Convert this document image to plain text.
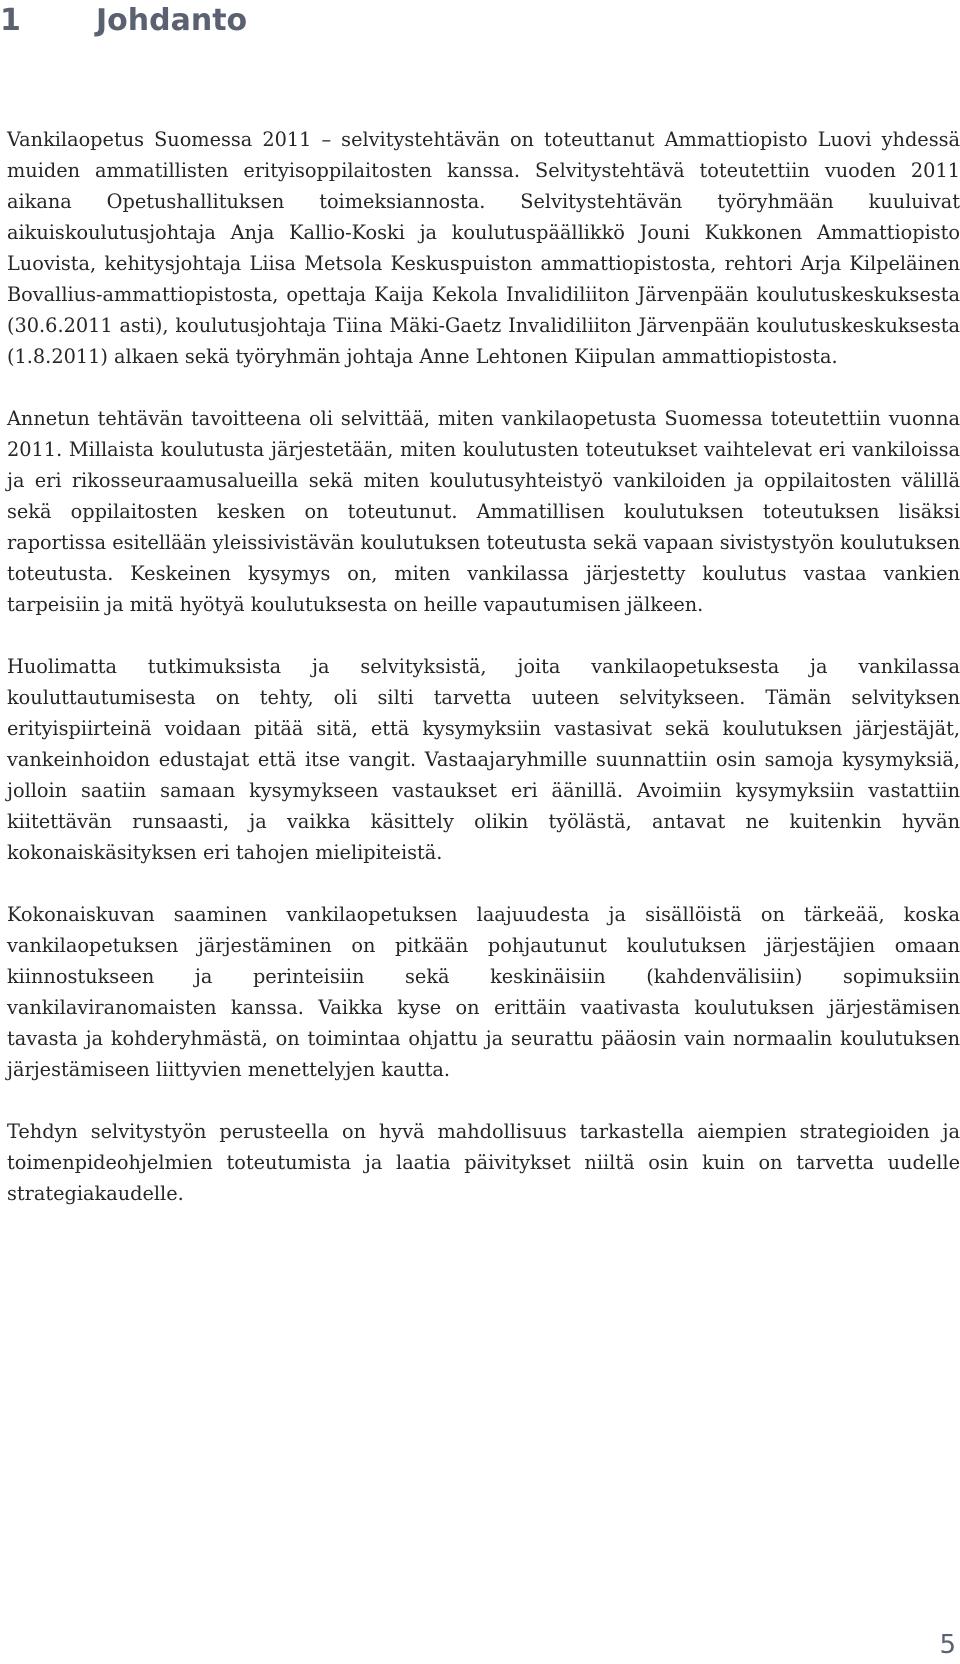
1	Johdanto

Vankilaopetus Suomessa 2011 – selvitystehtävän on toteuttanut Ammattiopisto Luovi yhdessä muiden ammatillisten erityisoppilaitosten kanssa. Selvitystehtävä toteutettiin vuoden 2011 aikana Opetushallituksen toimeksiannosta. Selvitystehtävän työryhmään kuuluivat aikuiskoulutusjohtaja Anja Kallio-Koski ja koulutuspäällikkö Jouni Kukkonen Ammattiopisto Luovista, kehitysjohtaja Liisa Metsola Keskuspuiston ammattiopistosta, rehtori Arja Kilpeläinen Bovallius-ammattiopistosta, opettaja Kaija Kekola Invalidiliiton Järvenpään koulutuskeskuksesta (30.6.2011 asti), koulutusjohtaja Tiina Mäki-Gaetz Invalidiliiton Järvenpään koulutuskeskuksesta (1.8.2011) alkaen sekä työryhmän johtaja Anne Lehtonen Kiipulan ammattiopistosta.

Annetun tehtävän tavoitteena oli selvittää, miten vankilaopetusta Suomessa toteutettiin vuonna 2011. Millaista koulutusta järjestetään, miten koulutusten toteutukset vaihtelevat eri vankiloissa ja eri rikosseuraamusalueilla sekä miten koulutusyhteistyö vankiloiden ja oppilaitosten välillä sekä oppilaitosten kesken on toteutunut. Ammatillisen koulutuksen toteutuksen lisäksi raportissa esitellään yleissivistävän koulutuksen toteutusta sekä vapaan sivistystyön koulutuksen toteutusta. Keskeinen kysymys on, miten vankilassa järjestetty koulutus vastaa vankien tarpeisiin ja mitä hyötyä koulutuksesta on heille vapautumisen jälkeen.

Huolimatta tutkimuksista ja selvityksistä, joita vankilaopetuksesta ja vankilassa kouluttautumisesta on tehty, oli silti tarvetta uuteen selvitykseen. Tämän selvityksen erityispiirteinä voidaan pitää sitä, että kysymyksiin vastasivat sekä koulutuksen järjestäjät, vankeinhoidon edustajat että itse vangit. Vastaajaryhmille suunnattiin osin samoja kysymyksiä, jolloin saatiin samaan kysymykseen vastaukset eri äänillä. Avoimiin kysymyksiin vastattiin kiitettävän runsaasti, ja vaikka käsittely olikin työlästä, antavat ne kuitenkin hyvän kokonaiskäsityksen eri tahojen mielipiteistä.

Kokonaiskuvan saaminen vankilaopetuksen laajuudesta ja sisällöistä on tärkeää, koska vankilaopetuksen järjestäminen on pitkään pohjautunut koulutuksen järjestäjien omaan kiinnostukseen ja perinteisiin sekä keskinäisiin (kahdenvälisiin) sopimuksiin vankilaviranomaisten kanssa. Vaikka kyse on erittäin vaativasta koulutuksen järjestämisen tavasta ja kohderyhmästä, on toimintaa ohjattu ja seurattu pääosin vain normaalin koulutuksen järjestämiseen liittyvien menettelyjen kautta.

Tehdyn selvitystyön perusteella on hyvä mahdollisuus tarkastella aiempien strategioiden ja toimenpideohjelmien toteutumista ja laatia päivitykset niiltä osin kuin on tarvetta uudelle strategiakaudelle.

5
